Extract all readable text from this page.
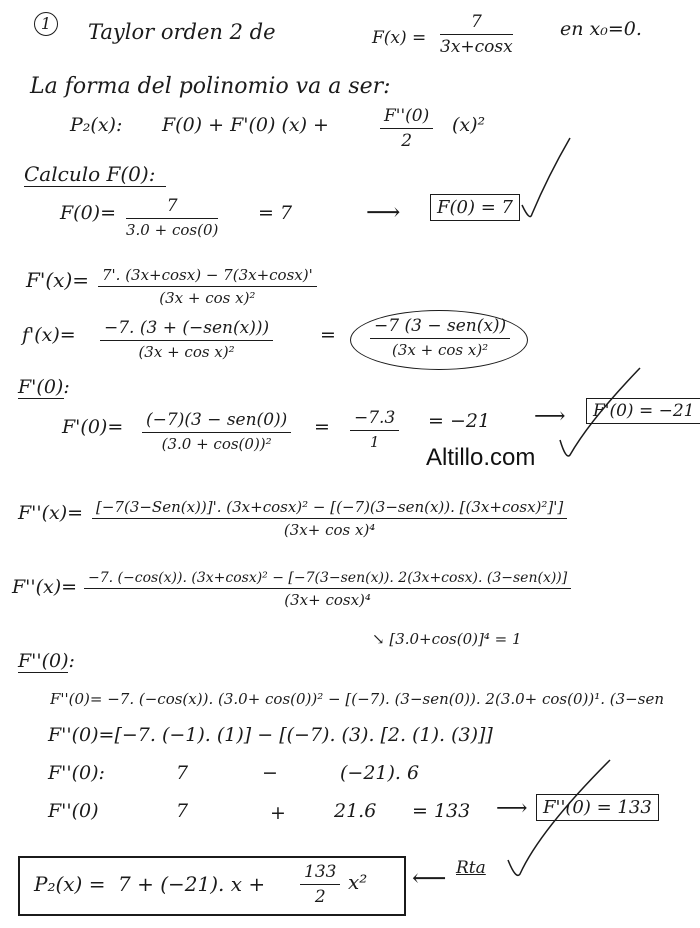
1	Taylor orden 2 de	$F(x) = \frac{7}{3x+\cos x}$ en x₀=0.
La forma del polinomio va a ser:
P₂(x): F(0) + F'(0) (x) +	$\frac{F''(0)}{2} (x)^2$
Calculo F(0):
$F(0)= \frac{7}{3.0 + \cos(0)} = 7$	⟶	F(0) = 7
$F'(x)= \frac{7'. (3x+\cos x) - 7(3x+\cos x)'}{\text{(3x + cos x)²}}$
f'(x)= −7. (3 + (−sen(x)))
(3x + cos x)²
= −7 (3 − sen(x))
(3x + cos x)²
F'(0):
F'(0)= (−7)(3 − sen(0))
(3.0 + cos(0))²
= $\frac{-7.3}{1} = -21$ ⟶	F'(0) = −21
Altillo.com
F''(x)= [−7(3−Sen(x))]'. (3x+cosx)² − [(−7)(3−sen(x)). [(3x+cosx)²]']
(3x+ cos x)⁴
F''(x)= −7. (−cos(x)). (3x+cosx)² − [−7(3−sen(x)). 2(3x+cosx). (3−sen(x))]
(3x+ cosx)⁴
↘ [3.0+cos(0)]⁴ = 1
F''(0):
F''(0)= −7. (−cos(x)). (3.0+ cos(0))² − [(−7). (3−sen(0)). 2(3.0+ cos(0))¹. (3−sen
F''(0)=[−7. (−1). (1)] − [(−7). (3). [2. (1). (3)]]
F''(0):	7	−	(−21). 6
F''(0)	7	+	21.6 = 133 ⟶ F''(0) = 133
P₂(x) = 7 + (−21). $x + \frac{133}{2} x^2$ ⟵ Rta
